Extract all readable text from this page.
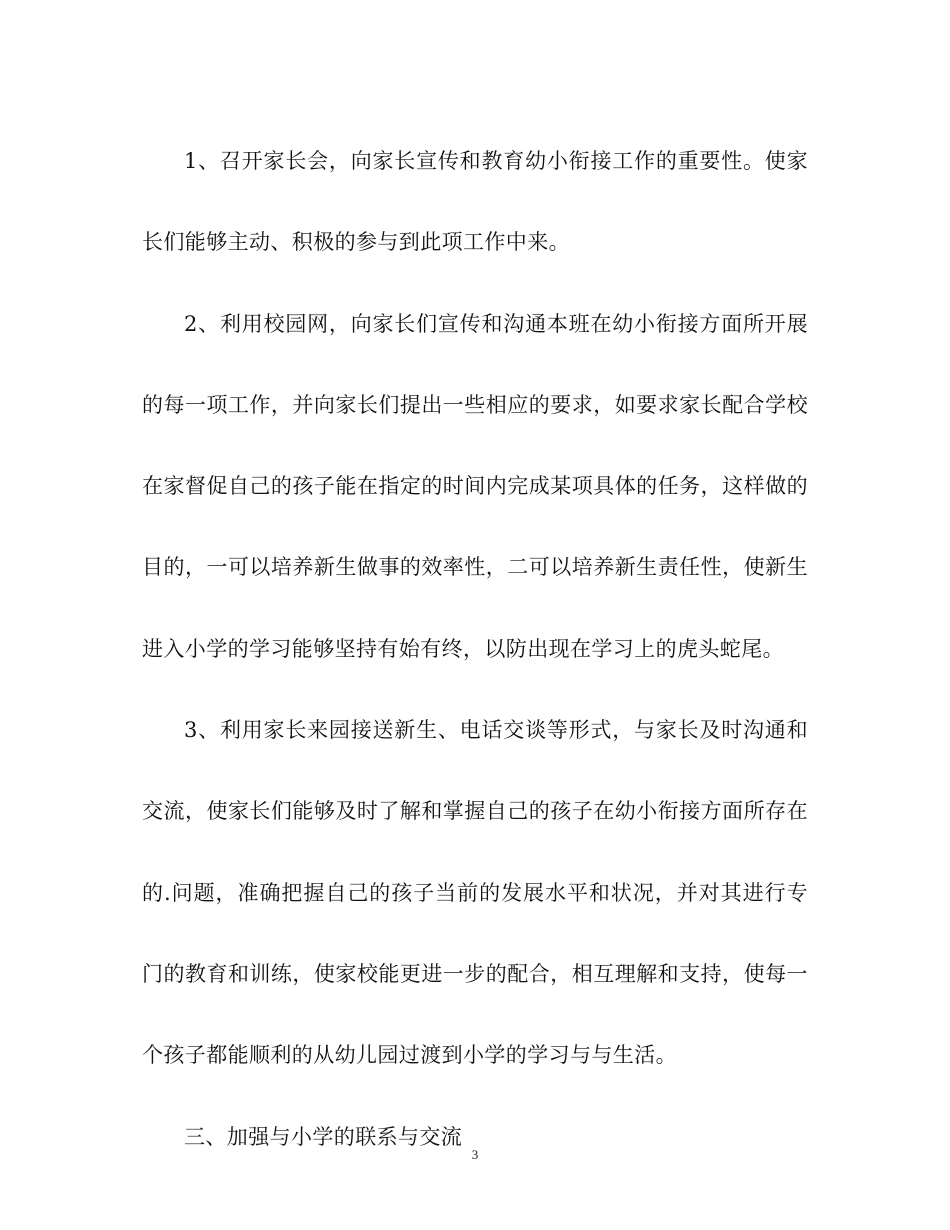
1、召开家长会，向家长宣传和教育幼小衔接工作的重要性。使家长们能够主动、积极的参与到此项工作中来。

2、利用校园网，向家长们宣传和沟通本班在幼小衔接方面所开展的每一项工作，并向家长们提出一些相应的要求，如要求家长配合学校在家督促自己的孩子能在指定的时间内完成某项具体的任务，这样做的目的，一可以培养新生做事的效率性，二可以培养新生责任性，使新生进入小学的学习能够坚持有始有终，以防出现在学习上的虎头蛇尾。

3、利用家长来园接送新生、电话交谈等形式，与家长及时沟通和交流，使家长们能够及时了解和掌握自己的孩子在幼小衔接方面所存在的.问题，准确把握自己的孩子当前的发展水平和状况，并对其进行专门的教育和训练，使家校能更进一步的配合，相互理解和支持，使每一个孩子都能顺利的从幼儿园过渡到小学的学习与与生活。

三、加强与小学的联系与交流

3
